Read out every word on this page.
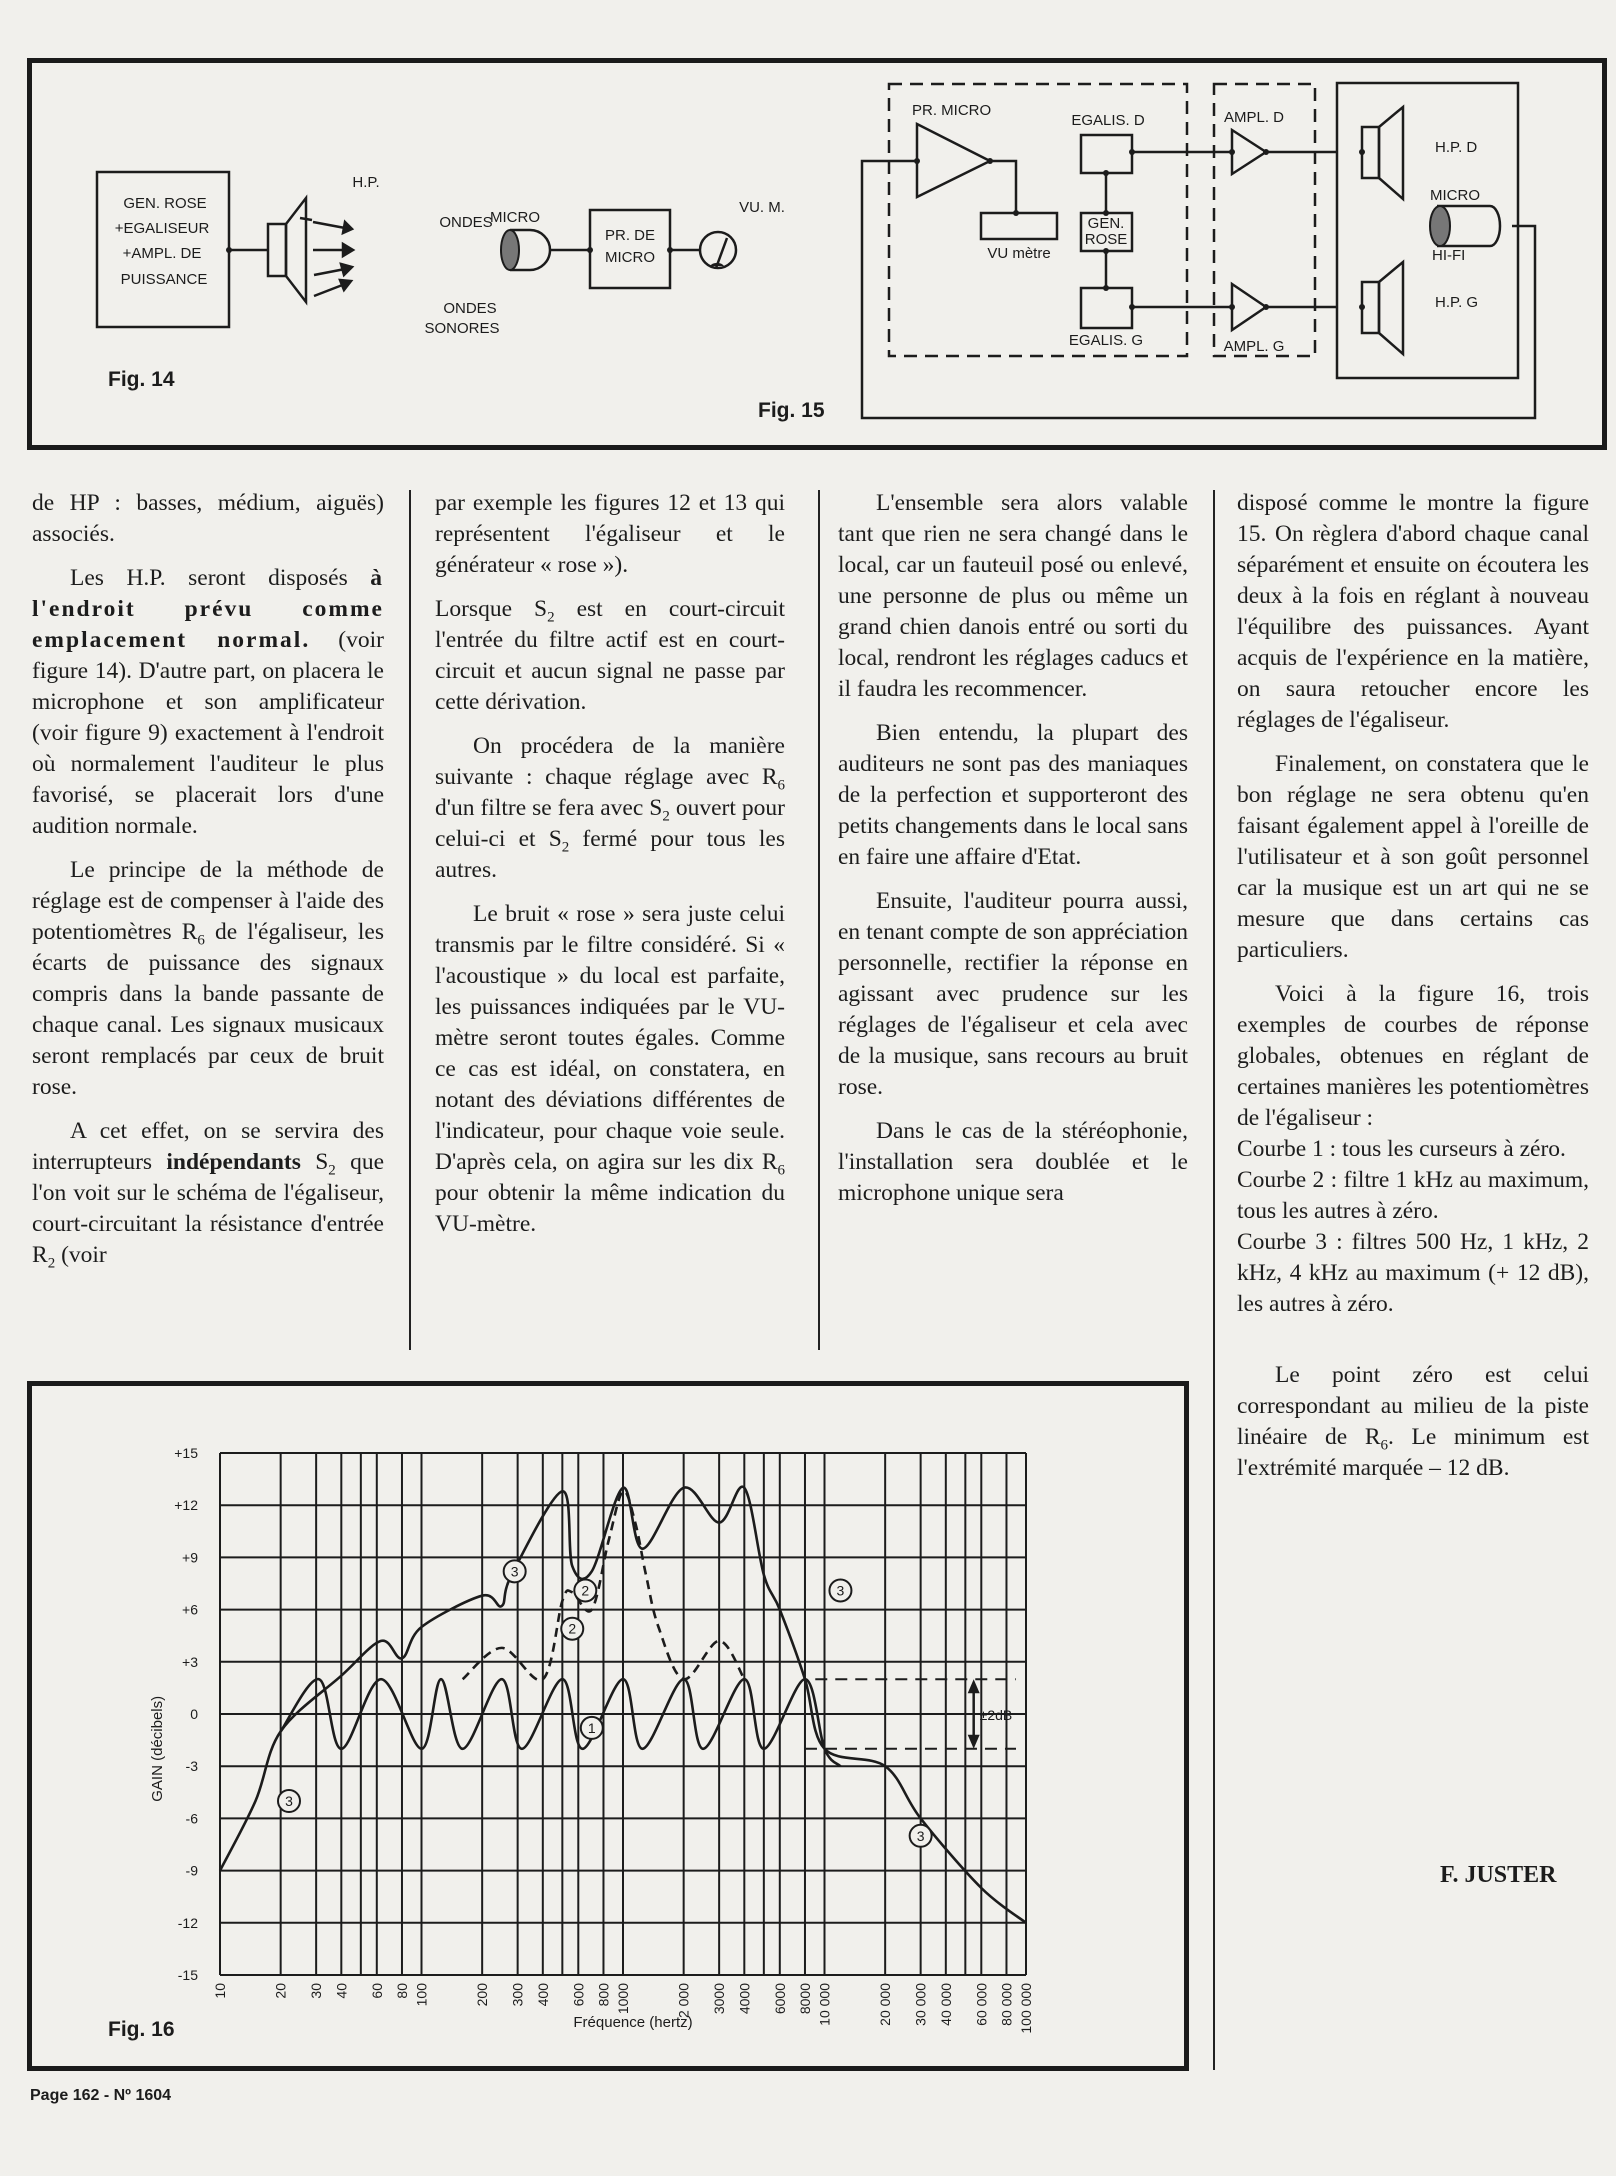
GEN. ROSE
+EGALISEUR
+AMPL. DE
PUISSANCE
H.P.
ONDES
ONDES
SONORES
MICRO
PR. DE
MICRO
VU. M.
Fig. 14
PR. MICRO
VU mètre
EGALIS. D
GEN.
ROSE
EGALIS. G
AMPL. D
AMPL. G
H.P. D
MICRO
HI-FI
H.P. G
Fig. 15

de HP : basses, médium, aiguës) associés.

Les H.P. seront disposés à l'endroit prévu comme emplacement normal. (voir figure 14). D'autre part, on placera le microphone et son amplificateur (voir figure 9) exactement à l'endroit où normalement l'auditeur le plus favorisé, se placerait lors d'une audition normale.

Le principe de la méthode de réglage est de compenser à l'aide des potentiomètres $R_6$ de l'égaliseur, les écarts de puissance des signaux compris dans la bande passante de chaque canal. Les signaux musicaux seront remplacés par ceux de bruit rose.

A cet effet, on se servira des interrupteurs indépendants $S_2$ que l'on voit sur le schéma de l'égaliseur, court-circuitant la résistance d'entrée $R_2$ (voir

par exemple les figures 12 et 13 qui représentent l'égaliseur et le générateur « rose »).

Lorsque $S_2$ est en court-circuit l'entrée du filtre actif est en court-circuit et aucun signal ne passe par cette dérivation.

On procédera de la manière suivante : chaque réglage avec $R_6$ d'un filtre se fera avec $S_2$ ouvert pour celui-ci et $S_2$ fermé pour tous les autres.

Le bruit « rose » sera juste celui transmis par le filtre considéré. Si « l'acoustique » du local est parfaite, les puissances indiquées par le VU-mètre seront toutes égales. Comme ce cas est idéal, on constatera, en notant des déviations différentes de l'indicateur, pour chaque voie seule. D'après cela, on agira sur les dix $R_6$ pour obtenir la même indication du VU-mètre.

L'ensemble sera alors valable tant que rien ne sera changé dans le local, car un fauteuil posé ou enlevé, une personne de plus ou même un grand chien danois entré ou sorti du local, rendront les réglages caducs et il faudra les recommencer.

Bien entendu, la plupart des auditeurs ne sont pas des maniaques de la perfection et supporteront des petits changements dans le local sans en faire une affaire d'Etat.

Ensuite, l'auditeur pourra aussi, en tenant compte de son appréciation personnelle, rectifier la réponse en agissant avec prudence sur les réglages de l'égaliseur et cela avec de la musique, sans recours au bruit rose.

Dans le cas de la stéréophonie, l'installation sera doublée et le microphone unique sera

disposé comme le montre la figure 15. On règlera d'abord chaque canal séparément et ensuite on écoutera les deux à la fois en réglant à nouveau l'équilibre des puissances. Ayant acquis de l'expérience en la matière, on saura retoucher encore les réglages de l'égaliseur.

Finalement, on constatera que le bon réglage ne sera obtenu qu'en faisant également appel à l'oreille de l'utilisateur et à son goût personnel car la musique est un art qui ne se mesure que dans certains cas particuliers.

Voici à la figure 16, trois exemples de courbes de réponse globales, obtenues en réglant de certaines manières les potentiomètres de l'égaliseur :

Courbe 1 : tous les curseurs à zéro.

Courbe 2 : filtre 1 kHz au maximum, tous les autres à zéro.

Courbe 3 : filtres 500 Hz, 1 kHz, 2 kHz, 4 kHz au maximum (+ 12 dB), les autres à zéro.

Le point zéro est celui correspondant au milieu de la piste linéaire de $R_6$. Le minimum est l'extrémité marquée – 12 dB.

F. JUSTER
+15
+12
+9
+6
+3
0
-3
-6
-9
-12
-15
10	20 30 40 60 80 100	200 300 400 600 800 1000	2 000 3000 4000 6000 8000 10 000	20 000 30 000 40 000 60 000 80 000 100 000
Fréquence (hertz)
GAIN (décibels)	1
2
2
3
3
3
3
±2dB
Fig. 16
Page 162 - Nº 1604
